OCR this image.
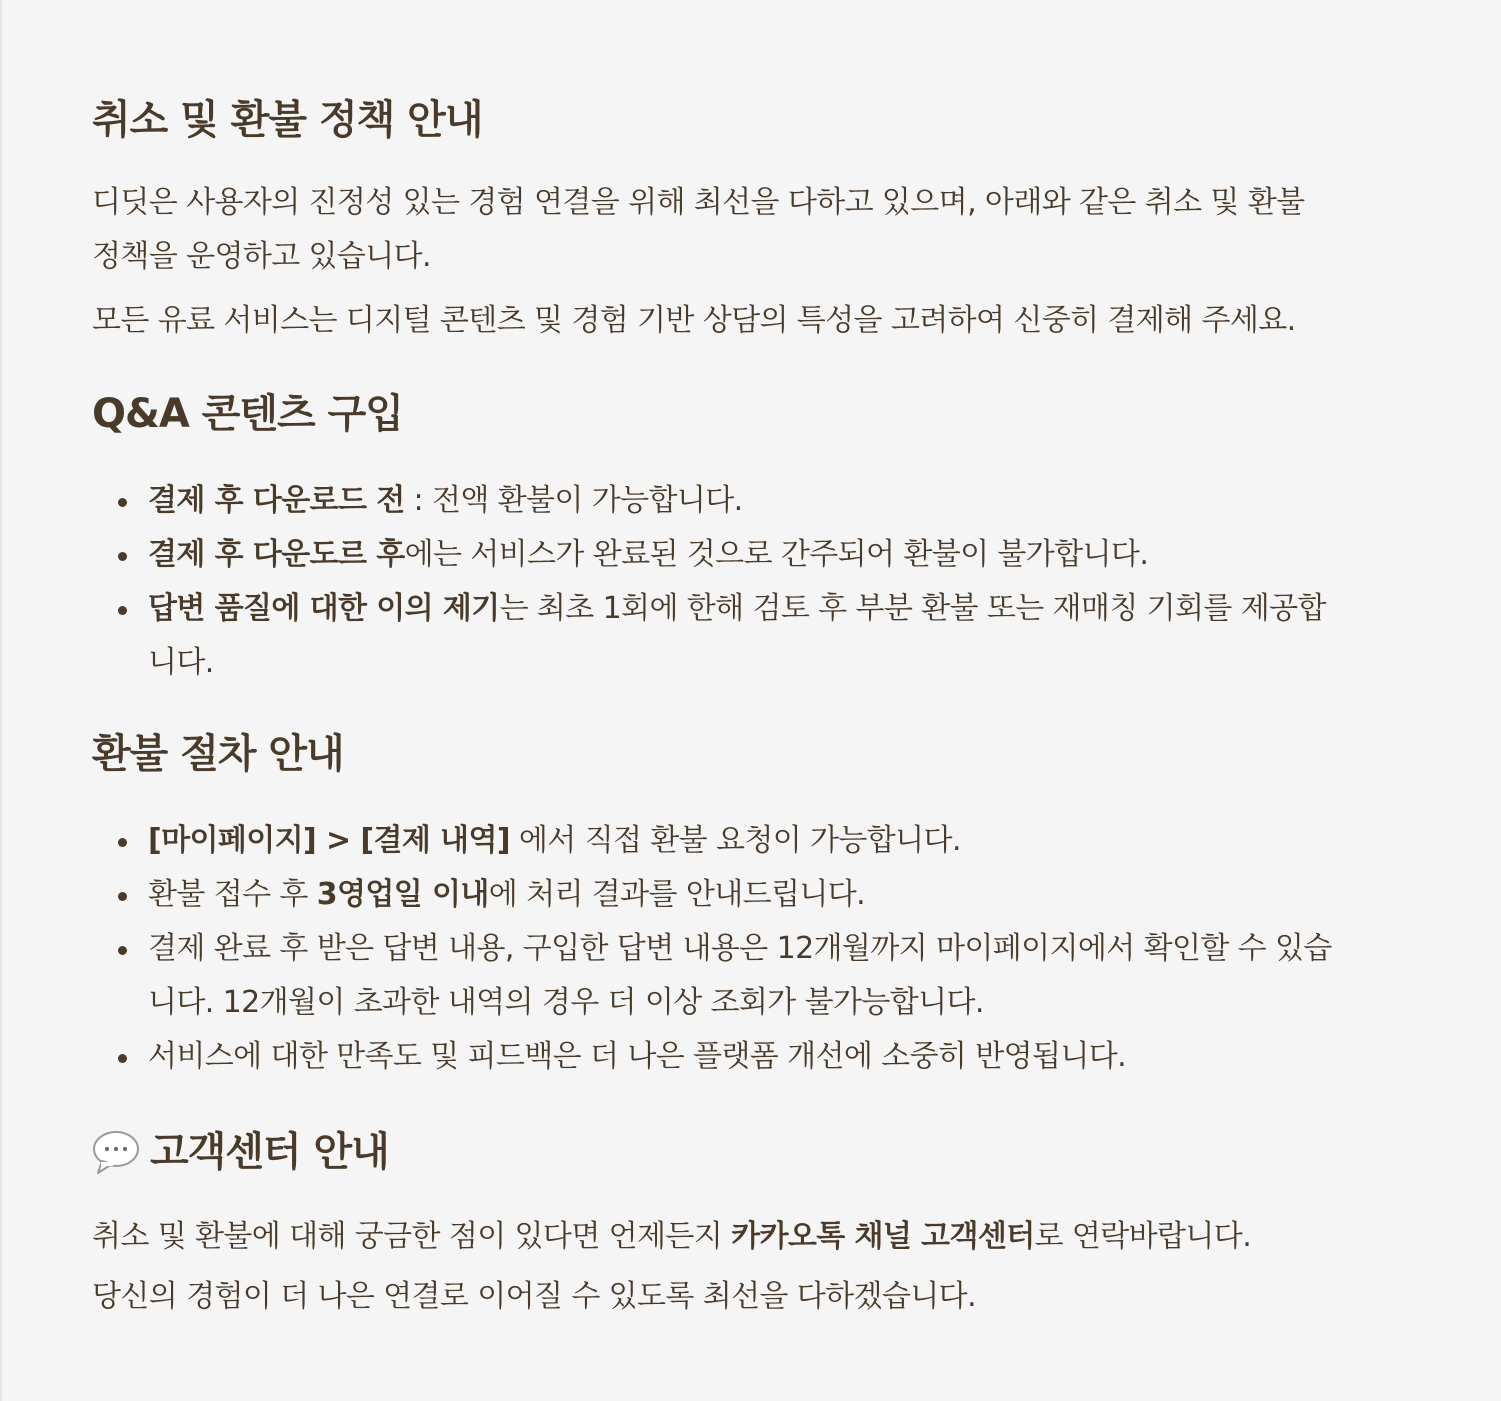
취소 및 환불 정책 안내

디딧은 사용자의 진정성 있는 경험 연결을 위해 최선을 다하고 있으며, 아래와 같은 취소 및 환불
정책을 운영하고 있습니다.

모든 유료 서비스는 디지털 콘텐츠 및 경험 기반 상담의 특성을 고려하여 신중히 결제해 주세요.

Q&A 콘텐츠 구입
결제 후 다운로드 전 : 전액 환불이 가능합니다.
결제 후 다운도르 후에는 서비스가 완료된 것으로 간주되어 환불이 불가합니다.
답변 품질에 대한 이의 제기는 최초 1회에 한해 검토 후 부분 환불 또는 재매칭 기회를 제공합
니다.
환불 절차 안내
[마이페이지] > [결제 내역] 에서 직접 환불 요청이 가능합니다.
환불 접수 후 3영업일 이내에 처리 결과를 안내드립니다.
결제 완료 후 받은 답변 내용, 구입한 답변 내용은 12개월까지 마이페이지에서 확인할 수 있습
니다. 12개월이 초과한 내역의 경우 더 이상 조회가 불가능합니다.
서비스에 대한 만족도 및 피드백은 더 나은 플랫폼 개선에 소중히 반영됩니다.
고객센터 안내

취소 및 환불에 대해 궁금한 점이 있다면 언제든지 카카오톡 채널 고객센터로 연락바랍니다.

당신의 경험이 더 나은 연결로 이어질 수 있도록 최선을 다하겠습니다.
